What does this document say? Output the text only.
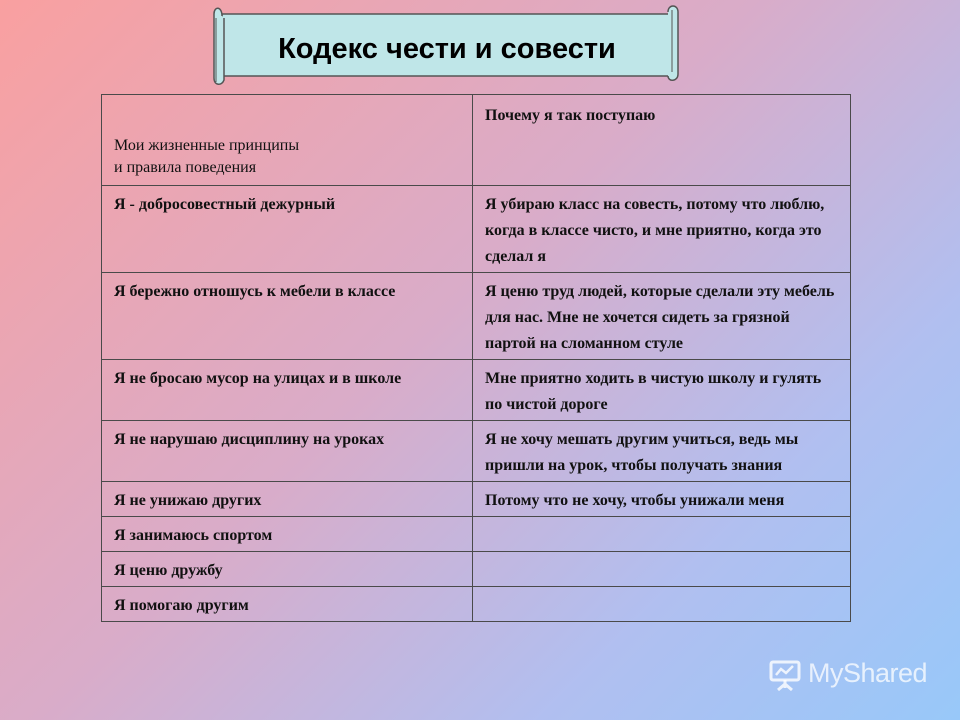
Кодекс чести и совести
Мои жизненные принципы
и правила поведения	Почему я так поступаю
Я - добросовестный дежурный	Я убираю класс на совесть, потому что люблю, когда в классе чисто, и мне приятно, когда это сделал я
Я бережно отношусь к мебели в классе	Я ценю труд людей, которые сделали эту мебель для нас. Мне не хочется сидеть за грязной партой на сломанном стуле
Я не бросаю мусор на улицах и в школе	Мне приятно ходить в чистую школу и гулять по чистой дороге
Я не нарушаю дисциплину на уроках	Я не хочу мешать другим учиться, ведь мы пришли на урок, чтобы получать знания
Я не унижаю других	Потому что не хочу, чтобы унижали меня
Я занимаюсь спортом	
Я ценю дружбу	
Я помогаю другим	
MyShared
